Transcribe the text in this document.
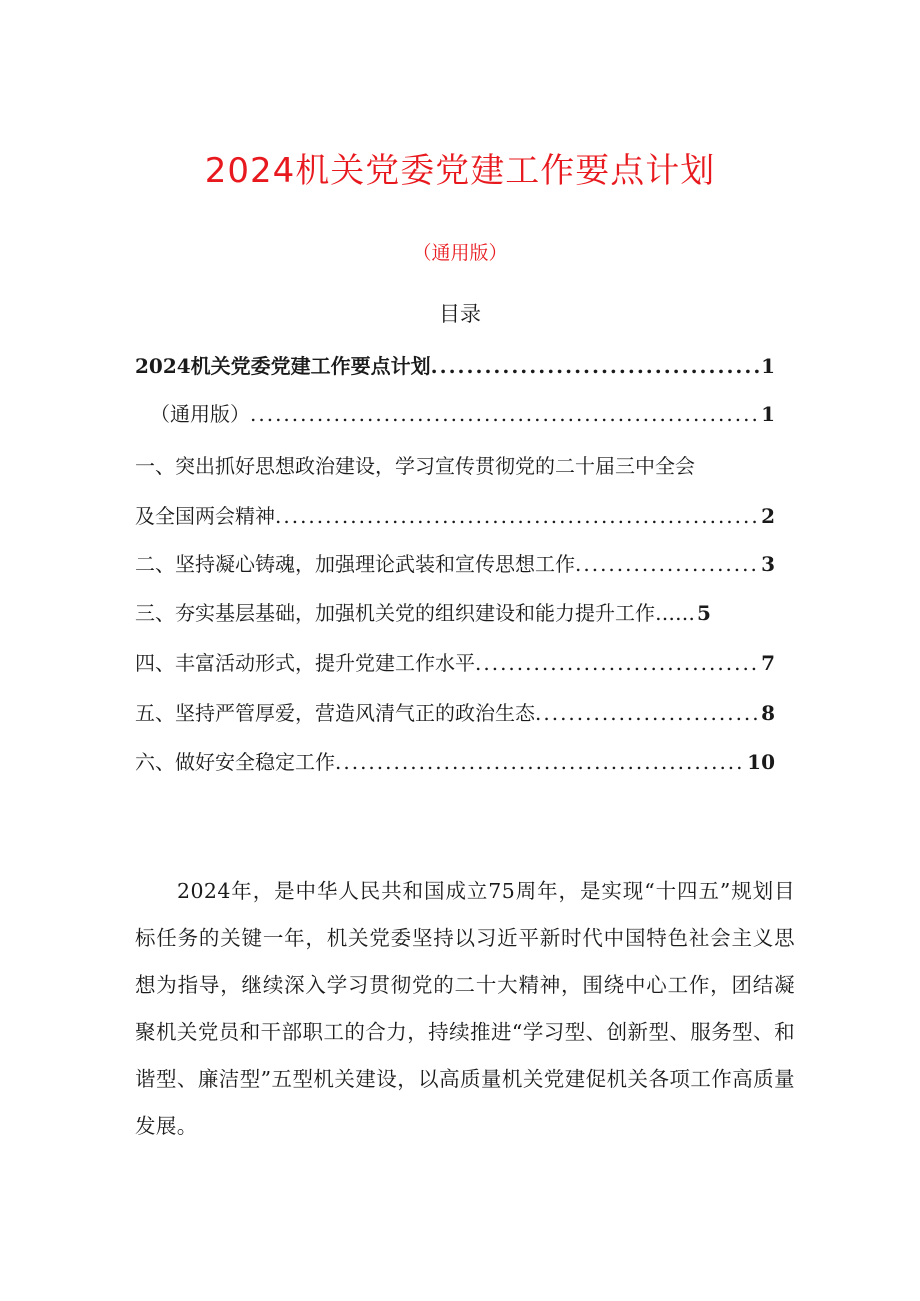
2024机关党委党建工作要点计划
（通用版）
目录
2024机关党委党建工作要点计划 .....	1
（通用版） .....	1
一、突出抓好思想政治建设，学习宣传贯彻党的二十届三中全会
及全国两会精神 .....	2
二、坚持凝心铸魂，加强理论武装和宣传思想工作 .....	3
三、夯实基层基础，加强机关党的组织建设和能力提升工作…… 5
四、丰富活动形式，提升党建工作水平 .....	7
五、坚持严管厚爱，营造风清气正的政治生态 .....	8
六、做好安全稳定工作 .....	10
2024年，是中华人民共和国成立75周年，是实现“十四五”规划目标任务的关键一年，机关党委坚持以习近平新时代中国特色社会主义思想为指导，继续深入学习贯彻党的二十大精神，围绕中心工作，团结凝聚机关党员和干部职工的合力，持续推进“学习型、创新型、服务型、和谐型、廉洁型”五型机关建设，以高质量机关党建促机关各项工作高质量发展。
